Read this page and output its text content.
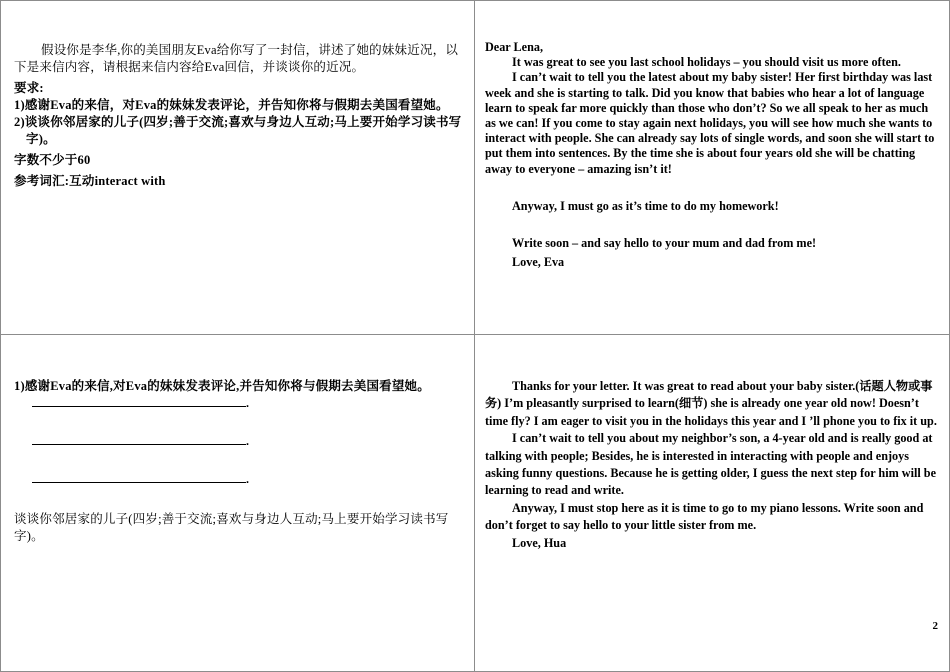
假设你是李华,你的美国朋友Eva给你写了一封信，讲述了她的妹妹近况，以下是来信内容，请根据来信内容给Eva回信，并谈谈你的近况。

要求:

1)感谢Eva的来信，对Eva的妹妹发表评论，并告知你将与假期去美国看望她。

2)谈谈你邻居家的儿子(四岁;善于交流;喜欢与身边人互动;马上要开始学习读书写字)。

字数不少于60

参考词汇:互动interact with

Dear Lena,

It was great to see you last school holidays – you should visit us more often.

I can’t wait to tell you the latest about my baby sister! Her first birthday was last week and she is starting to talk. Did you know that babies who hear a lot of language learn to speak far more quickly than those who don’t? So we all speak to her as much as we can! If you come to stay again next holidays, you will see how much she wants to interact with people. She can already say lots of single words, and soon she will start to put them into sentences. By the time she is about four years old she will be chatting away to everyone – amazing isn’t it!

Anyway, I must go as it’s time to do my homework!

Write soon – and say hello to your mum and dad from me!

Love, Eva

1)感谢Eva的来信,对Eva的妹妹发表评论,并告知你将与假期去美国看望她。

.
.
.

谈谈你邻居家的儿子(四岁;善于交流;喜欢与身边人互动;马上要开始学习读书写字)。

Thanks for your letter. It was great to read about your baby sister.(话题人物或事务) I’m pleasantly surprised to learn(细节) she is already one year old now! Doesn’t time fly? I am eager to visit you in the holidays this year and I ’ll phone you to fix it up.

I can’t wait to tell you about my neighbor’s son, a 4-year old and is really good at talking with people; Besides, he is interested in interacting with people and enjoys asking funny questions. Because he is getting older, I guess the next step for him will be learning to read and write.

Anyway, I must stop here as it is time to go to my piano lessons. Write soon and don’t forget to say hello to your little sister from me.

Love, Hua

2
